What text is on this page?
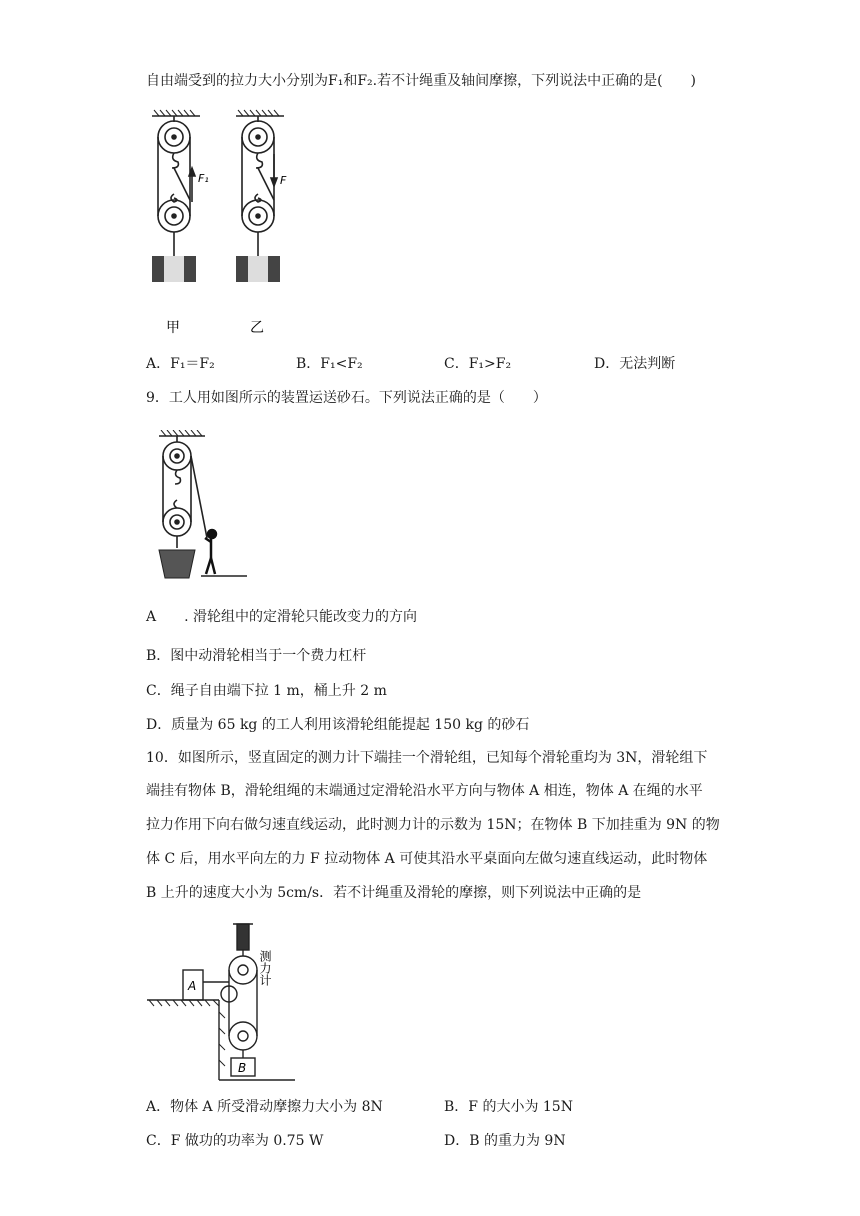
自由端受到的拉力大小分别为F₁和F₂.若不计绳重及轴间摩擦，下列说法中正确的是(　　)
F₁	F
甲	乙
A．F₁＝F₂	B．F₁<F₂	C．F₁>F₂	D．无法判断
9．工人用如图所示的装置运送砂石。下列说法正确的是（　　）
A　　. 滑轮组中的定滑轮只能改变力的方向
B．图中动滑轮相当于一个费力杠杆
C．绳子自由端下拉 1 m，桶上升 2 m
D．质量为 65 kg 的工人利用该滑轮组能提起 150 kg 的砂石
10．如图所示，竖直固定的测力计下端挂一个滑轮组，已知每个滑轮重均为 3N，滑轮组下
端挂有物体 B，滑轮组绳的末端通过定滑轮沿水平方向与物体 A 相连，物体 A 在绳的水平
拉力作用下向右做匀速直线运动，此时测力计的示数为 15N；在物体 B 下加挂重为 9N 的物
体 C 后，用水平向左的力 F 拉动物体 A 可使其沿水平桌面向左做匀速直线运动，此时物体
B 上升的速度大小为 5cm/s．若不计绳重及滑轮的摩擦，则下列说法中正确的是
A
B
测力计
A．物体 A 所受滑动摩擦力大小为 8N	B．F 的大小为 15N
C．F 做功的功率为 0.75 W	D．B 的重力为 9N
